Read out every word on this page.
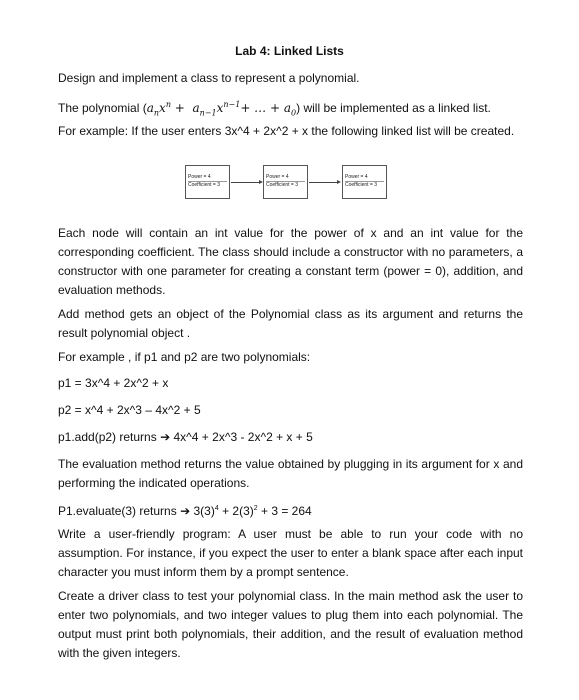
Lab 4: Linked Lists

Design and implement a class to represent a polynomial.

The polynomial ($a_nx^n + a_{n-1}x^{n-1}+$ … + $a_0$) will be implemented as a linked list.

For example: If the user enters 3x^4 + 2x^2 + x the following linked list will be created.

Power = 4
Coefficient = 3
Power = 4
Coefficient = 3
Power = 4
Coefficient = 3

Each node will contain an int value for the power of x and an int value for the corresponding coefficient. The class should include a constructor with no parameters, a constructor with one parameter for creating a constant term (power = 0), addition, and evaluation methods.

Add method gets an object of the Polynomial class as its argument and returns the result polynomial object .

For example , if p1 and p2 are two polynomials:

p1 = 3x^4 + 2x^2 + x

p2 = x^4 + 2x^3 – 4x^2 + 5

p1.add(p2) returns ➔ 4x^4 + 2x^3 - 2x^2 + x + 5

The evaluation method returns the value obtained by plugging in its argument for x and performing the indicated operations.

P1.evaluate(3) returns ➔ $3(3)^4 + 2(3)^2 + 3 = 264$

Write a user-friendly program: A user must be able to run your code with no assumption. For instance, if you expect the user to enter a blank space after each input character you must inform them by a prompt sentence.

Create a driver class to test your polynomial class. In the main method ask the user to enter two polynomials, and two integer values to plug them into each polynomial. The output must print both polynomials, their addition, and the result of evaluation method with the given integers.
